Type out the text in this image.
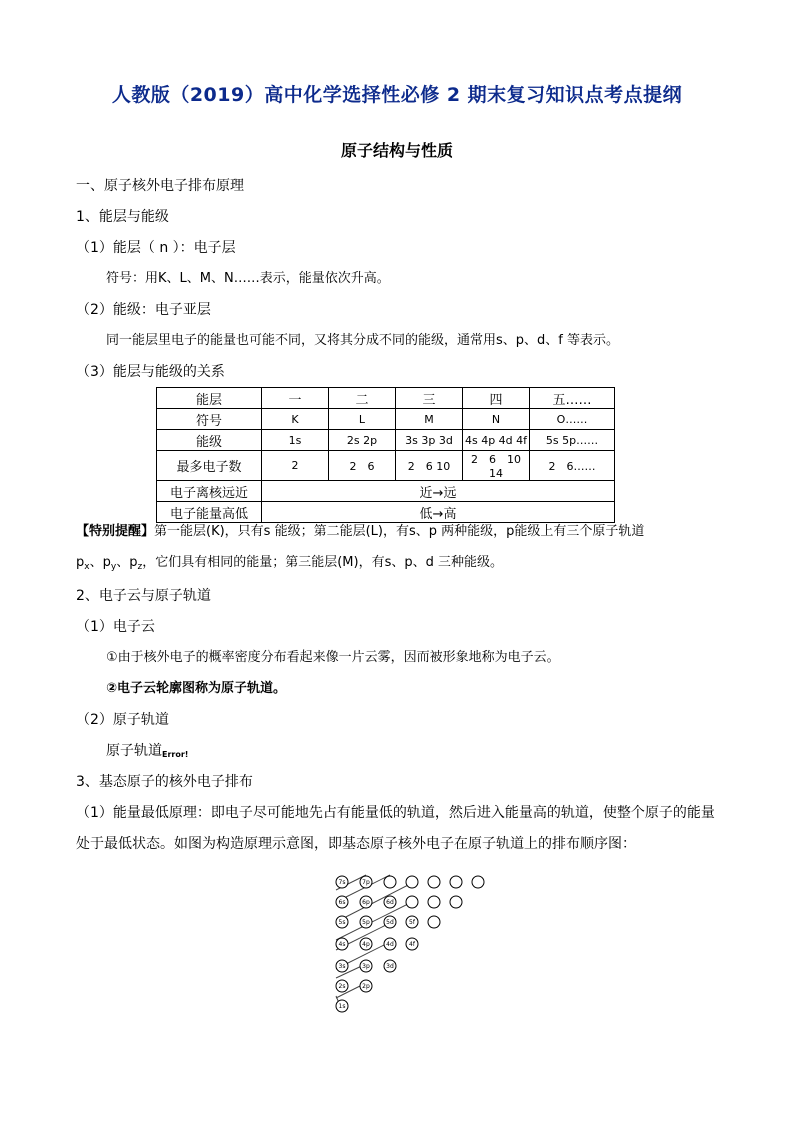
人教版（2019）高中化学选择性必修 2 期末复习知识点考点提纲
原子结构与性质
一、原子核外电子排布原理
1、能层与能级
（1）能层（ n ）：电子层
符号：用K、L、M、N……表示，能量依次升高。
（2）能级：电子亚层
同一能层里电子的能量也可能不同，又将其分成不同的能级，通常用s、p、d、f 等表示。
（3）能层与能级的关系
能层	一	二	三	四	五……
符号	K	L	M	N	O……
能级	1s	2s 2p	3s 3p 3d	4s 4p 4d 4f	5s 5p……
最多电子数	2	2　6	2　6 10	2　6　10 14	2　6……
电子离核远近	近→远				
电子能量高低	低→高				
【特别提醒】第一能层(K)，只有s 能级；第二能层(L)，有s、p 两种能级，p能级上有三个原子轨道
$p_x$、$p_y$、$p_z$，它们具有相同的能量；第三能层(M)，有s、p、d 三种能级。
2、电子云与原子轨道
（1）电子云
①由于核外电子的概率密度分布看起来像一片云雾，因而被形象地称为电子云。
②电子云轮廓图称为原子轨道。
（2）原子轨道
原子轨道Error!
3、基态原子的核外电子排布
（1）能量最低原理：即电子尽可能地先占有能量低的轨道，然后进入能量高的轨道，使整个原子的能量
处于最低状态。如图为构造原理示意图，即基态原子核外电子在原子轨道上的排布顺序图：
7s	7p
6s	6p	6d
5s	5p	5d	5f
4s	4p	4d	4f
3s	3p	3d
2s	2p
1s
